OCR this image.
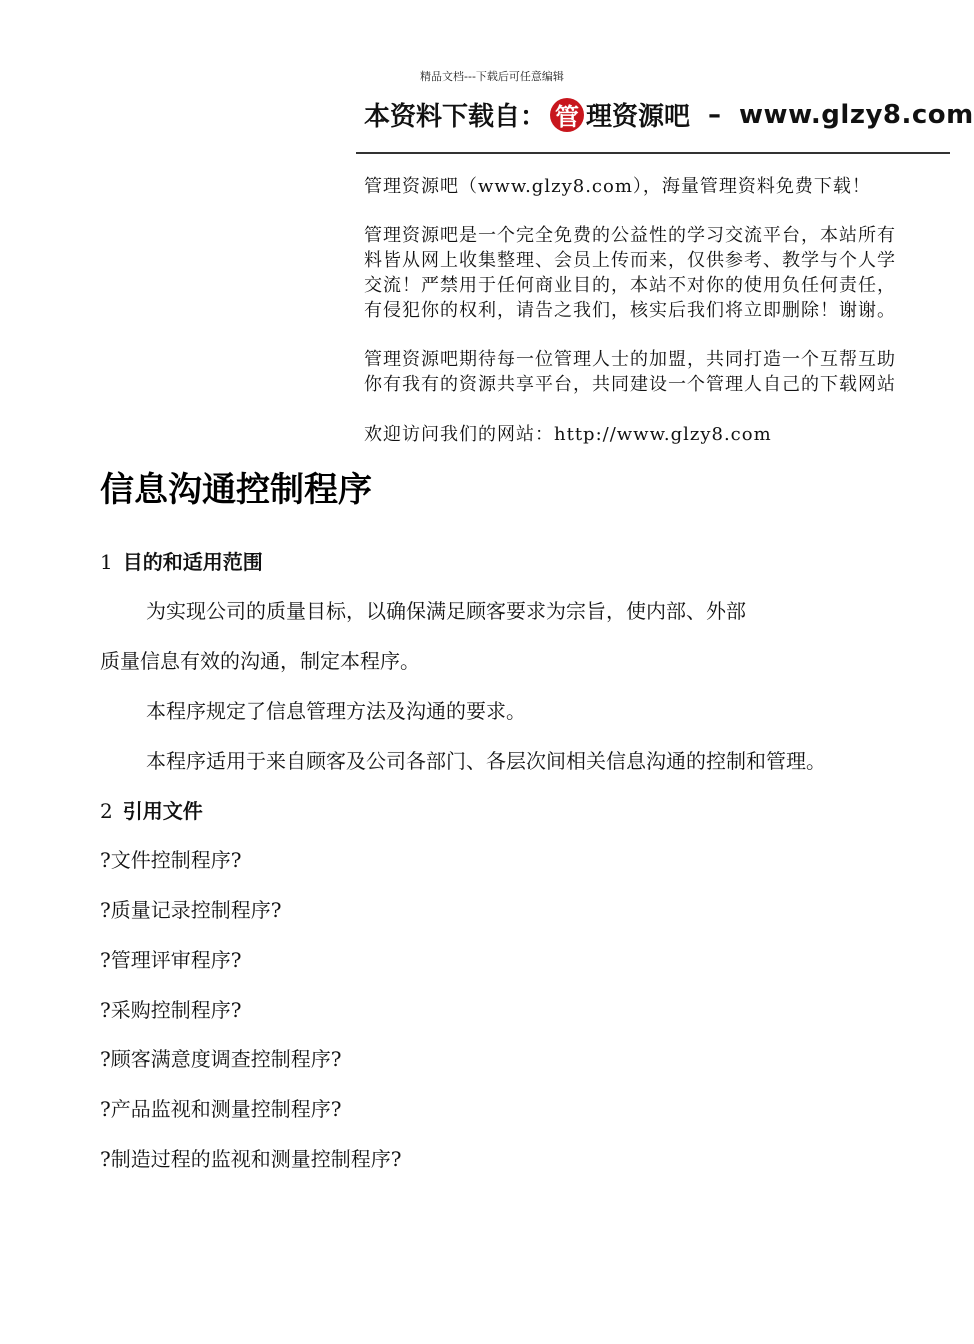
精品文档---下载后可任意编辑
本资料下载自： 管 理资源吧 – www.glzy8.com
管理资源吧（www.glzy8.com），海量管理资料免费下载！
管理资源吧是一个完全免费的公益性的学习交流平台，本站所有
料皆从网上收集整理、会员上传而来，仅供参考、教学与个人学
交流！严禁用于任何商业目的，本站不对你的使用负任何责任，
有侵犯你的权利，请告之我们，核实后我们将立即删除！谢谢。
管理资源吧期待每一位管理人士的加盟，共同打造一个互帮互助
你有我有的资源共享平台，共同建设一个管理人自己的下载网站
欢迎访问我们的网站：http://www.glzy8.com
信息沟通控制程序
1 目的和适用范围
为实现公司的质量目标，以确保满足顾客要求为宗旨，使内部、外部
质量信息有效的沟通，制定本程序。
本程序规定了信息管理方法及沟通的要求。
本程序适用于来自顾客及公司各部门、各层次间相关信息沟通的控制和管理。
2 引用文件
?文件控制程序?
?质量记录控制程序?
?管理评审程序?
?采购控制程序?
?顾客满意度调查控制程序?
?产品监视和测量控制程序?
?制造过程的监视和测量控制程序?
